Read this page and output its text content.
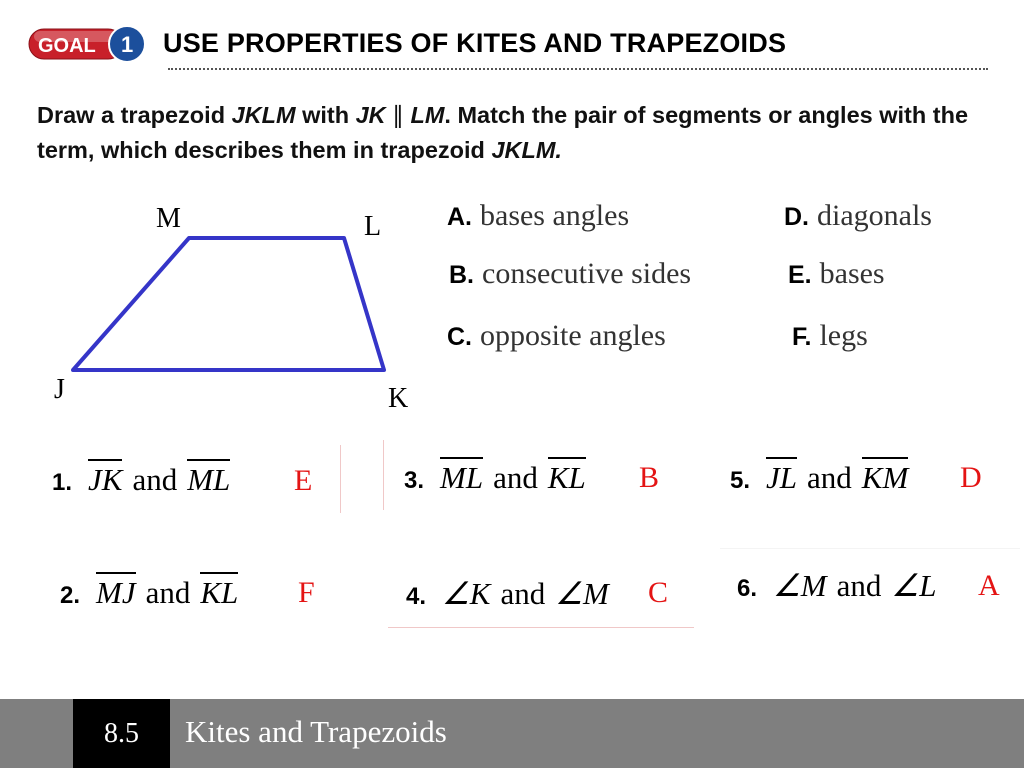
GOAL 1 USE PROPERTIES OF KITES AND TRAPEZOIDS
Draw a trapezoid JKLM with JK ∥ LM. Match the pair of segments or angles with the term, which describes them in trapezoid JKLM.
M	L
J	K
A. bases angles
B. consecutive sides
C. opposite angles
D. diagonals
E. bases
F. legs
1. JK and ML E
2. MJ and KL F
3. ML and KL B
4. ∠K and ∠M C
5. JL and KM D
6. ∠M and ∠L A
8.5	Kites and Trapezoids
